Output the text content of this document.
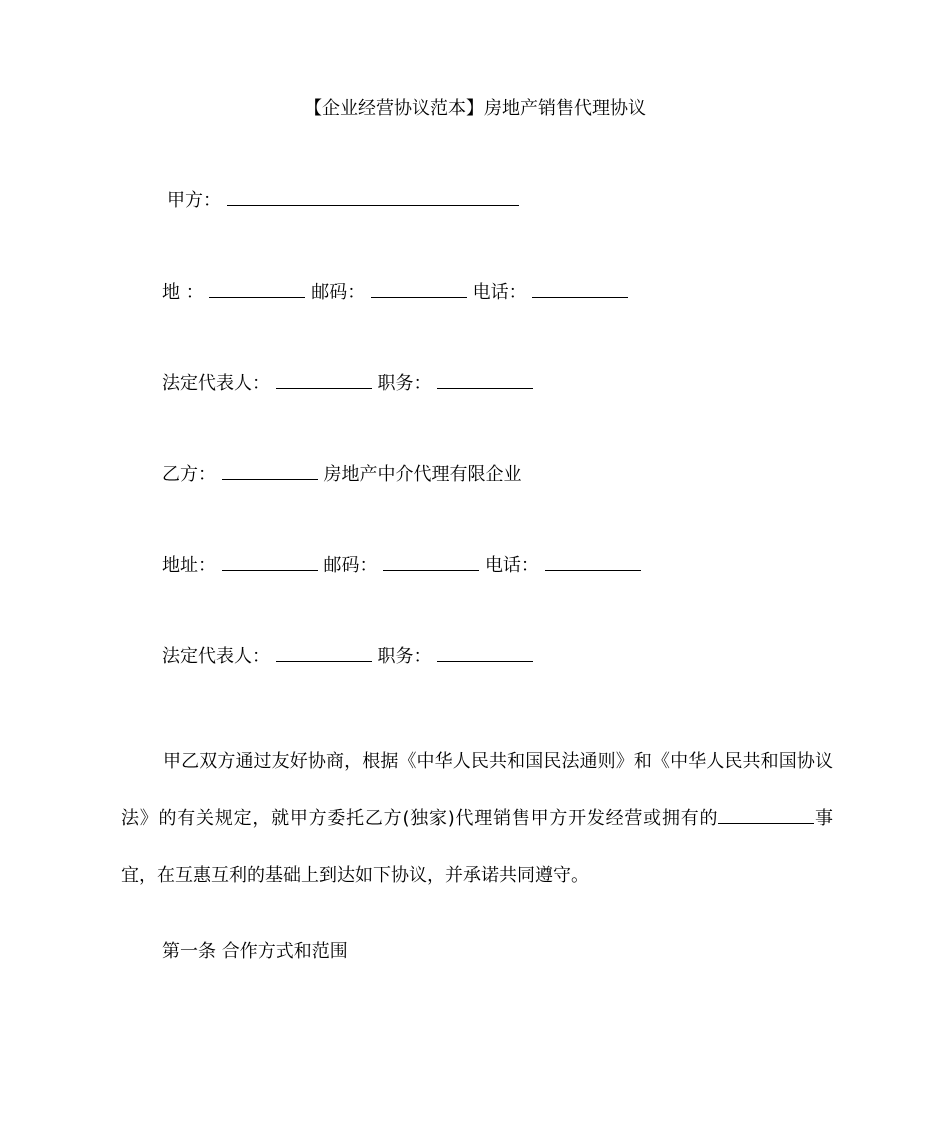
【企业经营协议范本】房地产销售代理协议
甲方：
地 ：	邮码：	电话：
法定代表人：	职务：
乙方：	房地产中介代理有限企业
地址：	邮码：	电话：
法定代表人：	职务：
甲乙双方通过友好协商，根据《中华人民共和国民法通则》和《中华人民共和国协议法》的有关规定，就甲方委托乙方(独家)代理销售甲方开发经营或拥有的	事宜，在互惠互利的基础上到达如下协议，并承诺共同遵守。
第一条 合作方式和范围
